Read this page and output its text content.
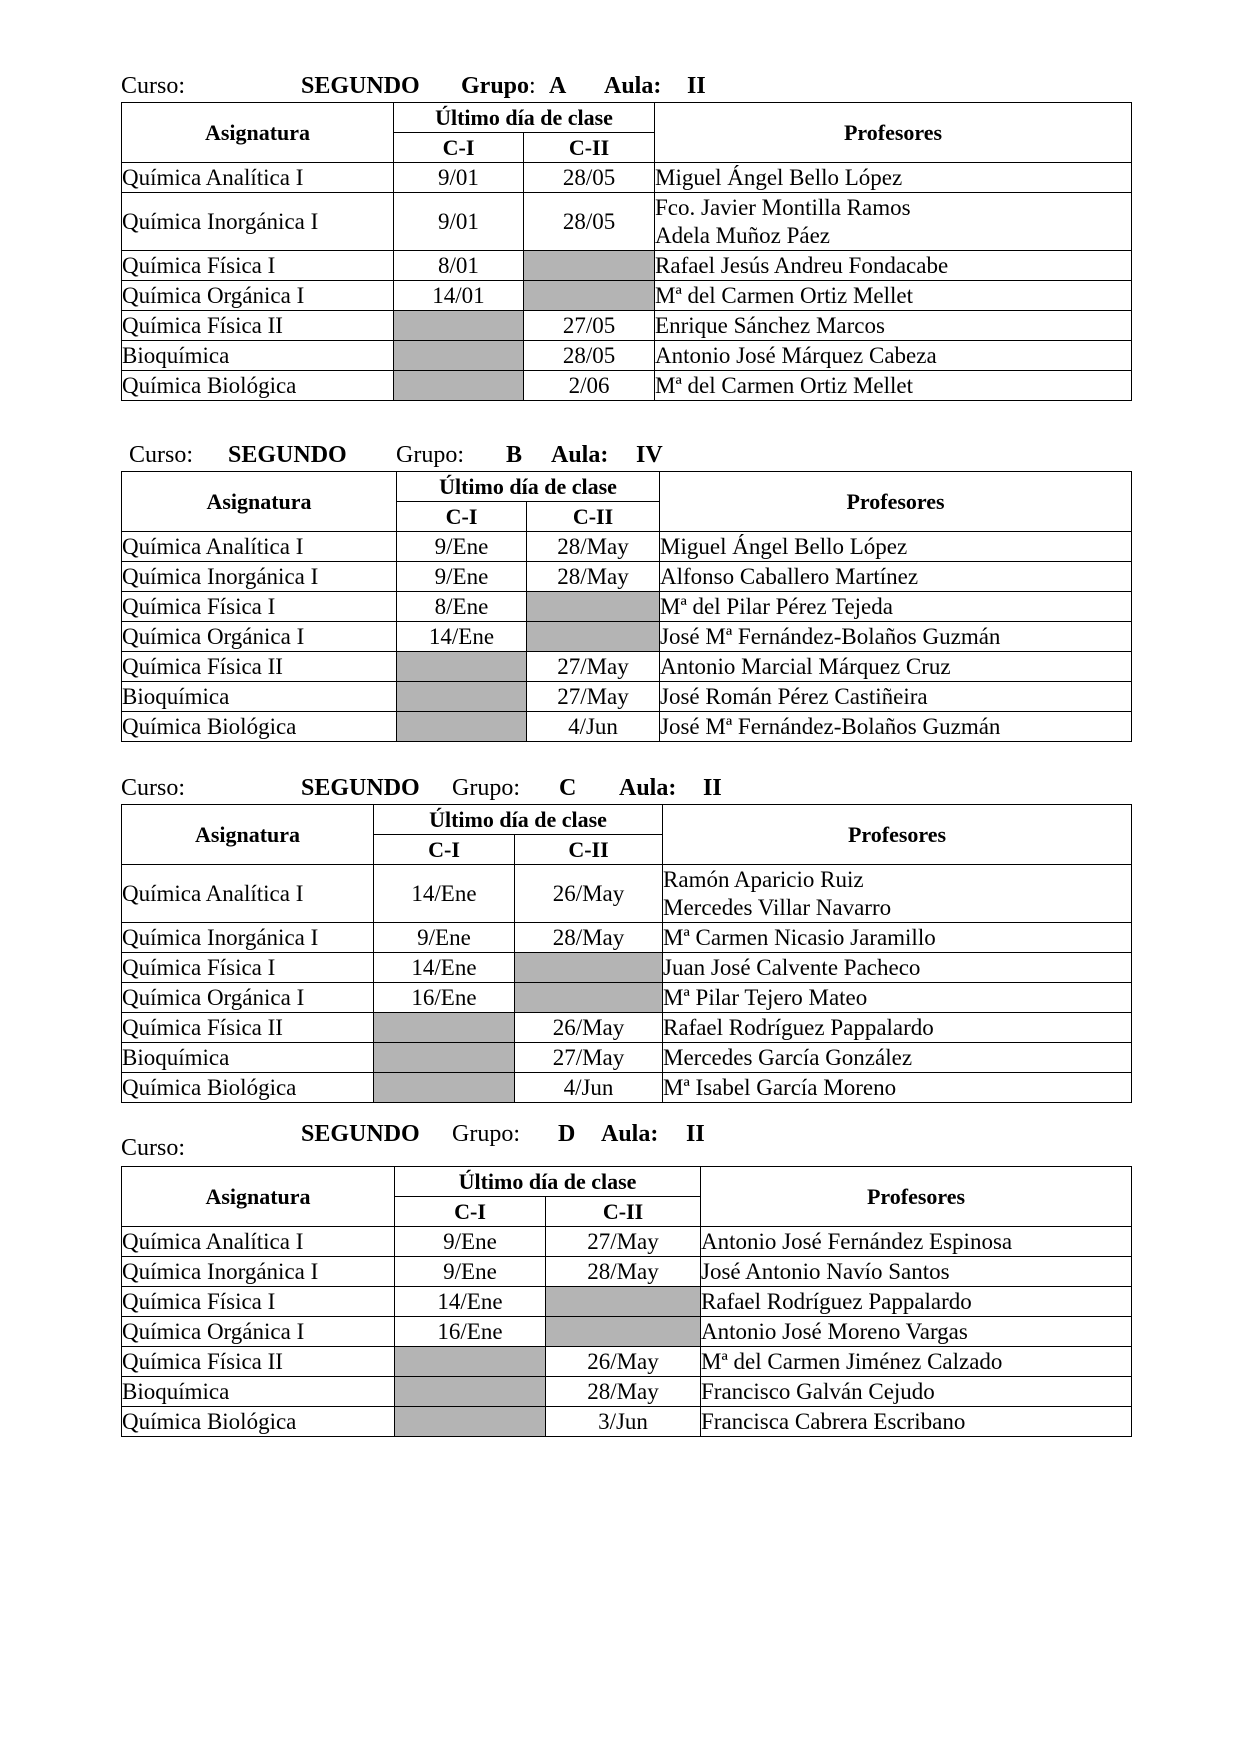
Curso:	SEGUNDO Grupo : A Aula: II
Asignatura	Último día de clase		Profesores
	C-I	C-II	
Química Analítica I	9/01	28/05	Miguel Ángel Bello López

Química Inorgánica I	9/01	28/05	Fco. Javier Montilla Ramos
Adela Muñoz Páez

Química Física I	8/01		Rafael Jesús Andreu Fondacabe

Química Orgánica I	14/01		Mª del Carmen Ortiz Mellet

Química Física II		27/05	Enrique Sánchez Marcos

Bioquímica		28/05	Antonio José Márquez Cabeza

Química Biológica		2/06	Mª del Carmen Ortiz Mellet
Curso: SEGUNDO Grupo: B Aula: IV
Asignatura	Último día de clase		Profesores
	C-I	C-II	
Química Analítica I	9/Ene	28/May	Miguel Ángel Bello López

Química Inorgánica I	9/Ene	28/May	Alfonso Caballero Martínez

Química Física I	8/Ene		Mª del Pilar Pérez Tejeda

Química Orgánica I	14/Ene		José Mª Fernández-Bolaños Guzmán

Química Física II		27/May	Antonio Marcial Márquez Cruz

Bioquímica		27/May	José Román Pérez Castiñeira

Química Biológica		4/Jun	José Mª Fernández-Bolaños Guzmán
Curso:	SEGUNDO Grupo: C Aula: II
Asignatura	Último día de clase		Profesores
	C-I	C-II	
Química Analítica I	14/Ene	26/May	Ramón Aparicio Ruiz
Mercedes Villar Navarro

Química Inorgánica I	9/Ene	28/May	Mª Carmen Nicasio Jaramillo

Química Física I	14/Ene		Juan José Calvente Pacheco

Química Orgánica I	16/Ene		Mª Pilar Tejero Mateo

Química Física II		26/May	Rafael Rodríguez Pappalardo

Bioquímica		27/May	Mercedes García González

Química Biológica		4/Jun	Mª Isabel García Moreno
Curso:
SEGUNDO Grupo: D Aula: II
Asignatura	Último día de clase		Profesores
	C-I	C-II	
Química Analítica I	9/Ene	27/May	Antonio José Fernández Espinosa

Química Inorgánica I	9/Ene	28/May	José Antonio Navío Santos

Química Física I	14/Ene		Rafael Rodríguez Pappalardo

Química Orgánica I	16/Ene		Antonio José Moreno Vargas

Química Física II		26/May	Mª del Carmen Jiménez Calzado

Bioquímica		28/May	Francisco Galván Cejudo

Química Biológica		3/Jun	Francisca Cabrera Escribano
